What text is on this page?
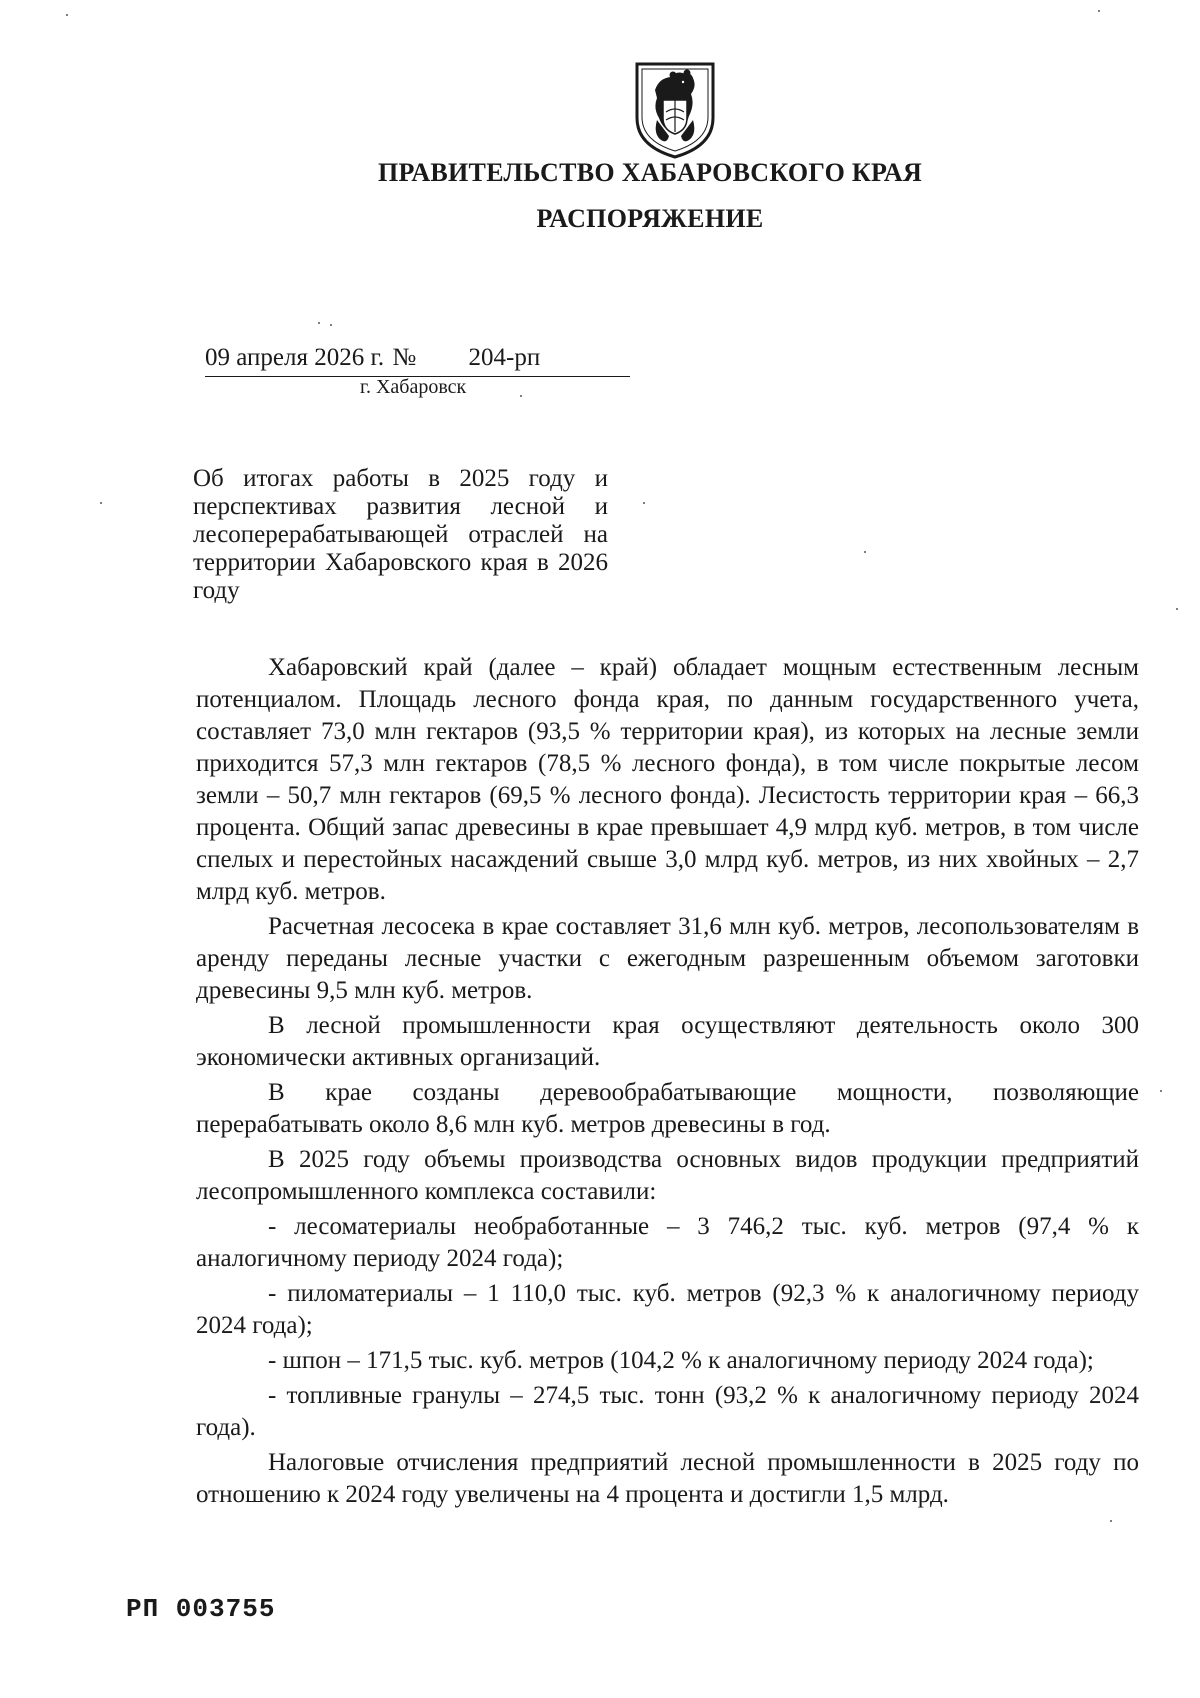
ПРАВИТЕЛЬСТВО ХАБАРОВСКОГО КРАЯ
РАСПОРЯЖЕНИЕ
09 апреля 2026 г. № 204-рп
г. Хабаровск
Об итогах работы в 2025 году и перспективах развития лесной и лесоперерабатывающей отраслей на территории Хабаровского края в 2026 году

Хабаровский край (далее – край) обладает мощным естественным лесным потенциалом. Площадь лесного фонда края, по данным государственного учета, составляет 73,0 млн гектаров (93,5 % территории края), из которых на лесные земли приходится 57,3 млн гектаров (78,5 % лесного фонда), в том числе покрытые лесом земли – 50,7 млн гектаров (69,5 % лесного фонда). Лесистость территории края – 66,3 процента. Общий запас древесины в крае превышает 4,9 млрд куб. метров, в том числе спелых и перестойных насаждений свыше 3,0 млрд куб. метров, из них хвойных – 2,7 млрд куб. метров.

Расчетная лесосека в крае составляет 31,6 млн куб. метров, лесопользователям в аренду переданы лесные участки с ежегодным разрешенным объемом заготовки древесины 9,5 млн куб. метров.

В лесной промышленности края осуществляют деятельность около 300 экономически активных организаций.

В крае созданы деревообрабатывающие мощности, позволяющие перерабатывать около 8,6 млн куб. метров древесины в год.

В 2025 году объемы производства основных видов продукции предприятий лесопромышленного комплекса составили:

- лесоматериалы необработанные – 3 746,2 тыс. куб. метров (97,4 % к аналогичному периоду 2024 года);

- пиломатериалы – 1 110,0 тыс. куб. метров (92,3 % к аналогичному периоду 2024 года);

- шпон – 171,5 тыс. куб. метров (104,2 % к аналогичному периоду 2024 года);

- топливные гранулы – 274,5 тыс. тонн (93,2 % к аналогичному периоду 2024 года).

Налоговые отчисления предприятий лесной промышленности в 2025 году по отношению к 2024 году увеличены на 4 процента и достигли 1,5 млрд.

РП 003755
